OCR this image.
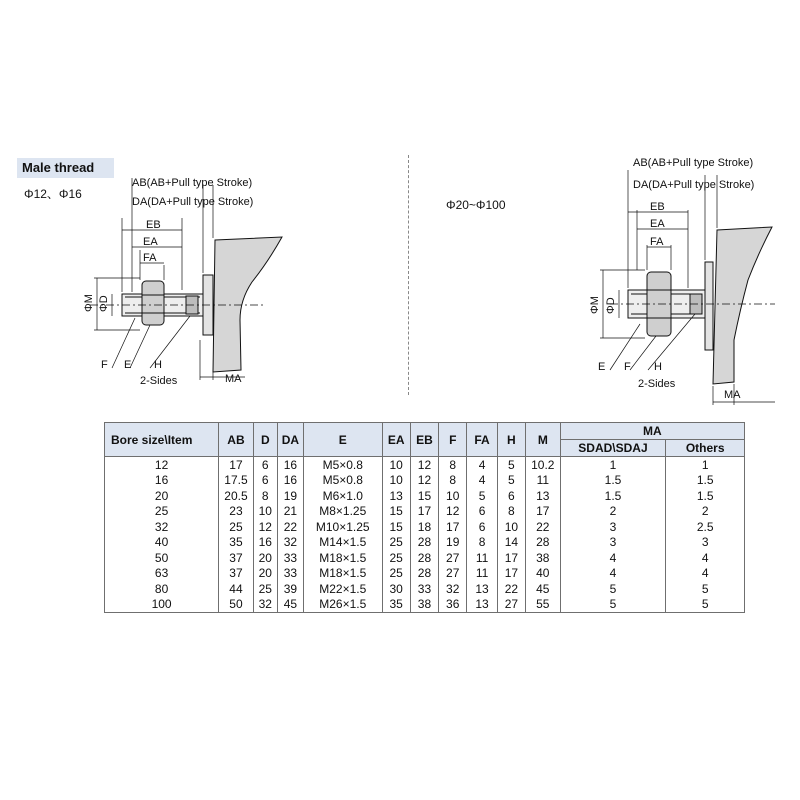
Male thread
Φ12、Φ16
Φ20~Φ100
AB(AB+Pull type Stroke)
DA(DA+Pull type Stroke)
EB
EA
FA
ΦM ΦD
F E H
2-Sides	MA
AB(AB+Pull type Stroke)
DA(DA+Pull type Stroke)
EB
EA
FA
ΦM ΦD
E F H
2-Sides
MA
Bore size\Item	AB	D	DA	E	EA	EB	F	FA	H	M	MA	
											SDAD\SDAJ	Others
12	17	6	16	M5×0.8	10	12	8	4	5	10.2	1	1
16	17.5	6	16	M5×0.8	10	12	8	4	5	11	1.5	1.5
20	20.5	8	19	M6×1.0	13	15	10	5	6	13	1.5	1.5
25	23	10	21	M8×1.25	15	17	12	6	8	17	2	2
32	25	12	22	M10×1.25	15	18	17	6	10	22	3	2.5
40	35	16	32	M14×1.5	25	28	19	8	14	28	3	3
50	37	20	33	M18×1.5	25	28	27	11	17	38	4	4
63	37	20	33	M18×1.5	25	28	27	11	17	40	4	4
80	44	25	39	M22×1.5	30	33	32	13	22	45	5	5
100	50	32	45	M26×1.5	35	38	36	13	27	55	5	5
